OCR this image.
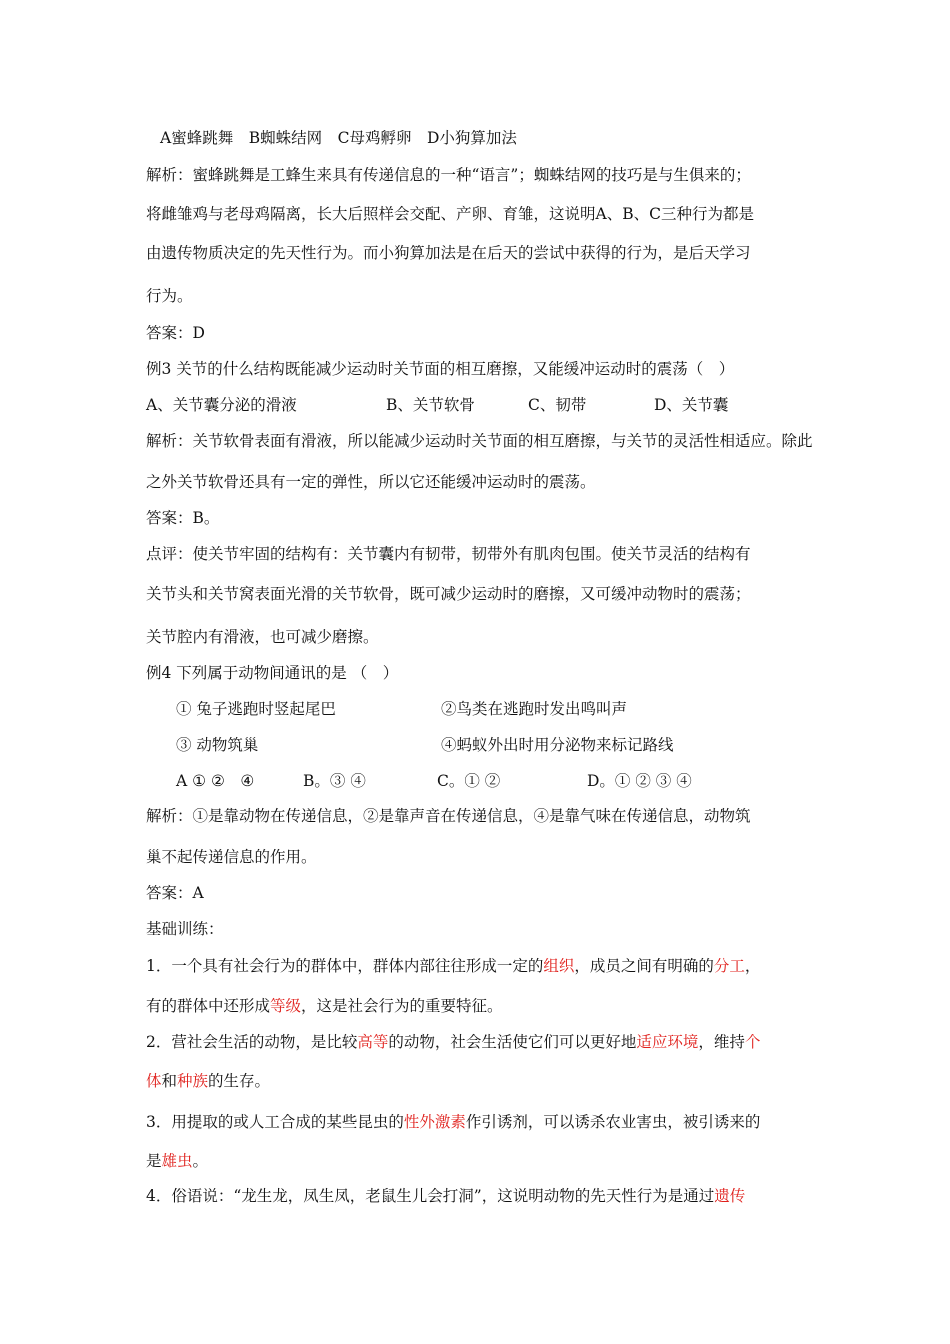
A蜜蜂跳舞　B蜘蛛结网　C母鸡孵卵　D小狗算加法
解析：蜜蜂跳舞是工蜂生来具有传递信息的一种“语言”；蜘蛛结网的技巧是与生俱来的；
将雌雏鸡与老母鸡隔离，长大后照样会交配、产卵、育雏，这说明A、B、C三种行为都是
由遗传物质决定的先天性行为。而小狗算加法是在后天的尝试中获得的行为，是后天学习
行为。
答案：D
例3 关节的什么结构既能减少运动时关节面的相互磨擦，又能缓冲运动时的震荡（　）
A、关节囊分泌的滑液	B、关节软骨	C、韧带	D、关节囊
解析：关节软骨表面有滑液，所以能减少运动时关节面的相互磨擦，与关节的灵活性相适应。除此
之外关节软骨还具有一定的弹性，所以它还能缓冲运动时的震荡。
答案：B。
点评：使关节牢固的结构有：关节囊内有韧带，韧带外有肌肉包围。使关节灵活的结构有
关节头和关节窝表面光滑的关节软骨，既可减少运动时的磨擦，又可缓冲动物时的震荡；
关节腔内有滑液，也可减少磨擦。
例4 下列属于动物间通讯的是 （　）
① 兔子逃跑时竖起尾巴	②鸟类在逃跑时发出鸣叫声
③ 动物筑巢	④蚂蚁外出时用分泌物来标记路线
A ① ②　④	B。③ ④	C。① ②	D。① ② ③ ④
解析：①是靠动物在传递信息，②是靠声音在传递信息，④是靠气味在传递信息，动物筑
巢不起传递信息的作用。
答案：A
基础训练：
1．一个具有社会行为的群体中，群体内部往往形成一定的组织，成员之间有明确的分工，
有的群体中还形成等级，这是社会行为的重要特征。
2．营社会生活的动物，是比较高等的动物，社会生活使它们可以更好地适应环境，维持个
体和种族的生存。
3．用提取的或人工合成的某些昆虫的性外激素作引诱剂，可以诱杀农业害虫，被引诱来的
是雄虫。
4．俗语说：“龙生龙，凤生凤，老鼠生儿会打洞”，这说明动物的先天性行为是通过遗传
